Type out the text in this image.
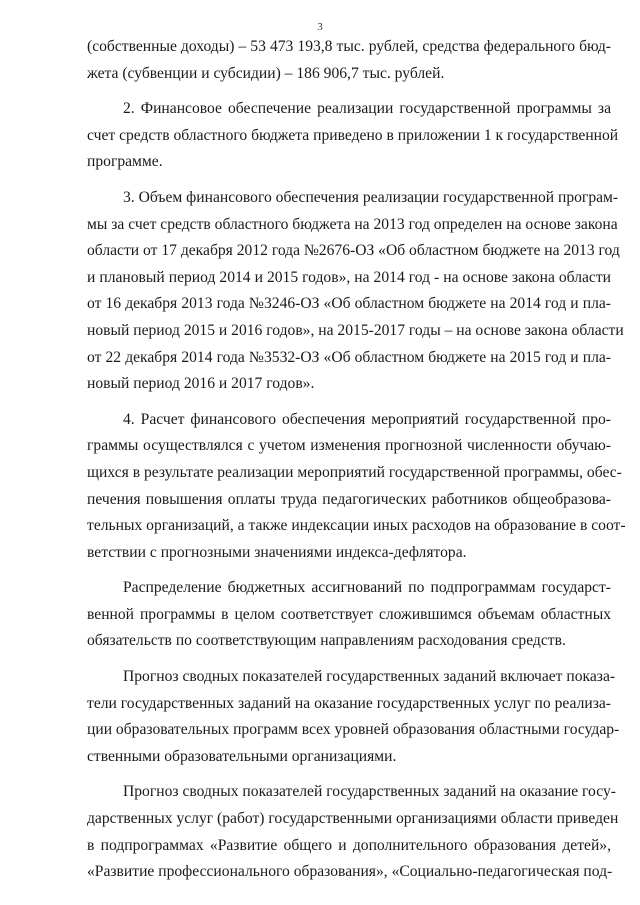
3
(собственные доходы) – 53 473 193,8 тыс. рублей, средства федерального бюд-
жета (субвенции и субсидии) – 186 906,7 тыс. рублей.
2. Финансовое обеспечение реализации государственной программы за
счет средств областного бюджета приведено в приложении 1 к государственной
программе.
3. Объем финансового обеспечения реализации государственной програм-
мы за счет средств областного бюджета на 2013 год определен на основе закона
области от 17 декабря 2012 года №2676-ОЗ «Об областном бюджете на 2013 год
и плановый период 2014 и 2015 годов», на 2014 год - на основе закона области
от 16 декабря 2013 года №3246-ОЗ «Об областном бюджете на 2014 год и пла-
новый период 2015 и 2016 годов», на 2015-2017 годы – на основе закона области
от 22 декабря 2014 года №3532-ОЗ «Об областном бюджете на 2015 год и пла-
новый период 2016 и 2017 годов».
4. Расчет финансового обеспечения мероприятий государственной про-
граммы осуществлялся с учетом изменения прогнозной численности обучаю-
щихся в результате реализации мероприятий государственной программы, обес-
печения повышения оплаты труда педагогических работников общеобразова-
тельных организаций, а также индексации иных расходов на образование в соот-
ветствии с прогнозными значениями индекса-дефлятора.
Распределение бюджетных ассигнований по подпрограммам государст-
венной программы в целом соответствует сложившимся объемам областных
обязательств по соответствующим направлениям расходования средств.
Прогноз сводных показателей государственных заданий включает показа-
тели государственных заданий на оказание государственных услуг по реализа-
ции образовательных программ всех уровней образования областными государ-
ственными образовательными организациями.
Прогноз сводных показателей государственных заданий на оказание госу-
дарственных услуг (работ) государственными организациями области приведен
в подпрограммах «Развитие общего и дополнительного образования детей»,
«Развитие профессионального образования», «Социально-педагогическая под-
